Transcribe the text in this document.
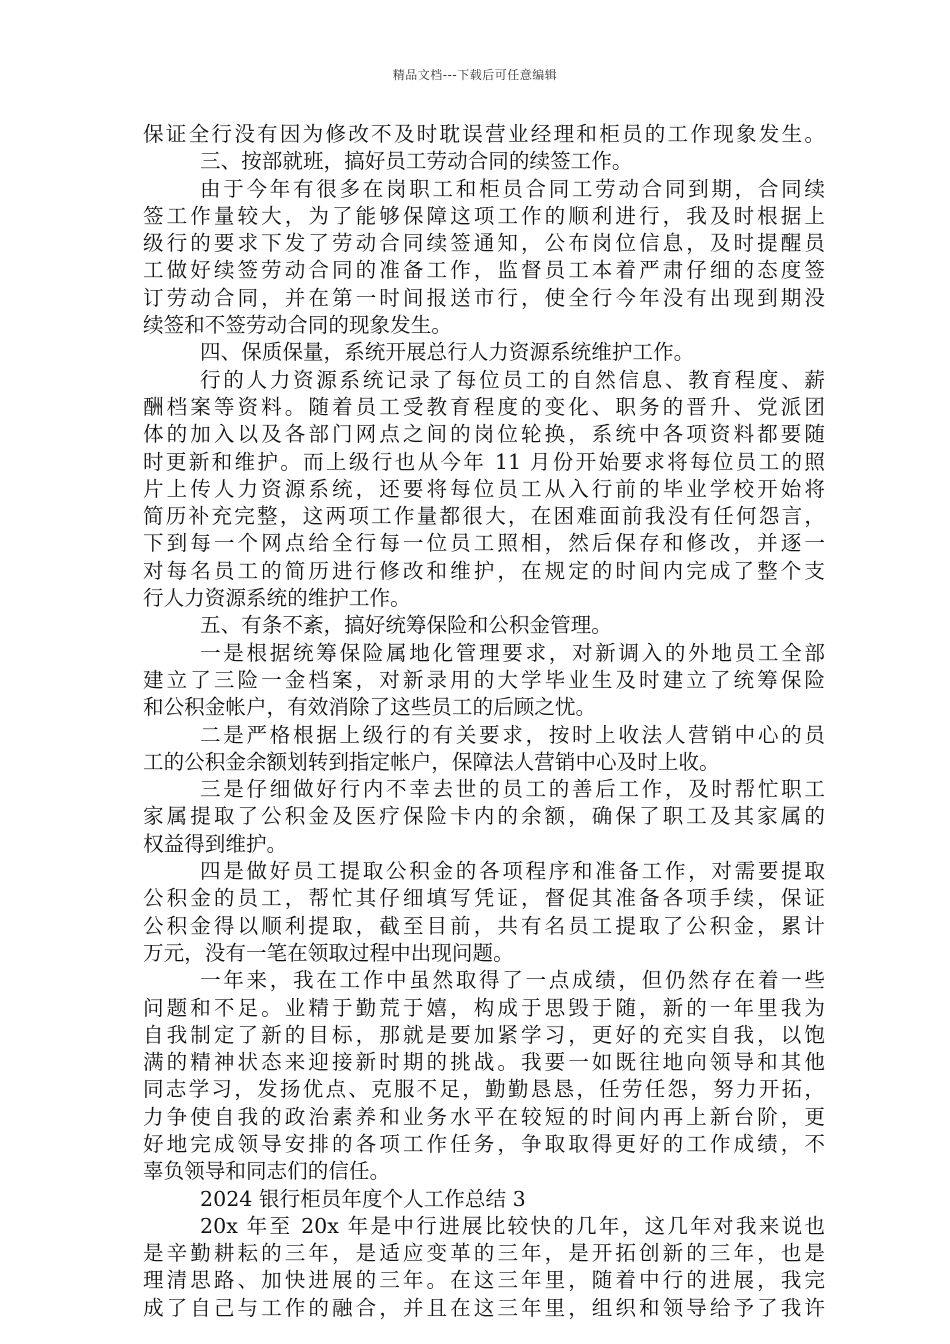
精品文档---下载后可任意编辑
保证全行没有因为修改不及时耽误营业经理和柜员的工作现象发生。
三、按部就班，搞好员工劳动合同的续签工作。
由于今年有很多在岗职工和柜员合同工劳动合同到期，合同续
签工作量较大，为了能够保障这项工作的顺利进行，我及时根据上
级行的要求下发了劳动合同续签通知，公布岗位信息，及时提醒员
工做好续签劳动合同的准备工作，监督员工本着严肃仔细的态度签
订劳动合同，并在第一时间报送市行，使全行今年没有出现到期没
续签和不签劳动合同的现象发生。
四、保质保量，系统开展总行人力资源系统维护工作。
行的人力资源系统记录了每位员工的自然信息、教育程度、薪
酬档案等资料。随着员工受教育程度的变化、职务的晋升、党派团
体的加入以及各部门网点之间的岗位轮换，系统中各项资料都要随
时更新和维护。而上级行也从今年 11 月份开始要求将每位员工的照
片上传人力资源系统，还要将每位员工从入行前的毕业学校开始将
简历补充完整，这两项工作量都很大，在困难面前我没有任何怨言，
下到每一个网点给全行每一位员工照相，然后保存和修改，并逐一
对每名员工的简历进行修改和维护，在规定的时间内完成了整个支
行人力资源系统的维护工作。
五、有条不紊，搞好统筹保险和公积金管理。
一是根据统筹保险属地化管理要求，对新调入的外地员工全部
建立了三险一金档案，对新录用的大学毕业生及时建立了统筹保险
和公积金帐户，有效消除了这些员工的后顾之忧。
二是严格根据上级行的有关要求，按时上收法人营销中心的员
工的公积金余额划转到指定帐户，保障法人营销中心及时上收。
三是仔细做好行内不幸去世的员工的善后工作，及时帮忙职工
家属提取了公积金及医疗保险卡内的余额，确保了职工及其家属的
权益得到维护。
四是做好员工提取公积金的各项程序和准备工作，对需要提取
公积金的员工，帮忙其仔细填写凭证，督促其准备各项手续，保证
公积金得以顺利提取，截至目前，共有名员工提取了公积金，累计
万元，没有一笔在领取过程中出现问题。
一年来，我在工作中虽然取得了一点成绩，但仍然存在着一些
问题和不足。业精于勤荒于嬉，构成于思毁于随，新的一年里我为
自我制定了新的目标，那就是要加紧学习，更好的充实自我，以饱
满的精神状态来迎接新时期的挑战。我要一如既往地向领导和其他
同志学习，发扬优点、克服不足，勤勤恳恳，任劳任怨，努力开拓，
力争使自我的政治素养和业务水平在较短的时间内再上新台阶，更
好地完成领导安排的各项工作任务，争取取得更好的工作成绩，不
辜负领导和同志们的信任。
2024 银行柜员年度个人工作总结 3
20x 年至 20x 年是中行进展比较快的几年，这几年对我来说也
是辛勤耕耘的三年，是适应变革的三年，是开拓创新的三年，也是
理清思路、加快进展的三年。在这三年里，随着中行的进展，我完
成了自己与工作的融合，并且在这三年里，组织和领导给予了我许
